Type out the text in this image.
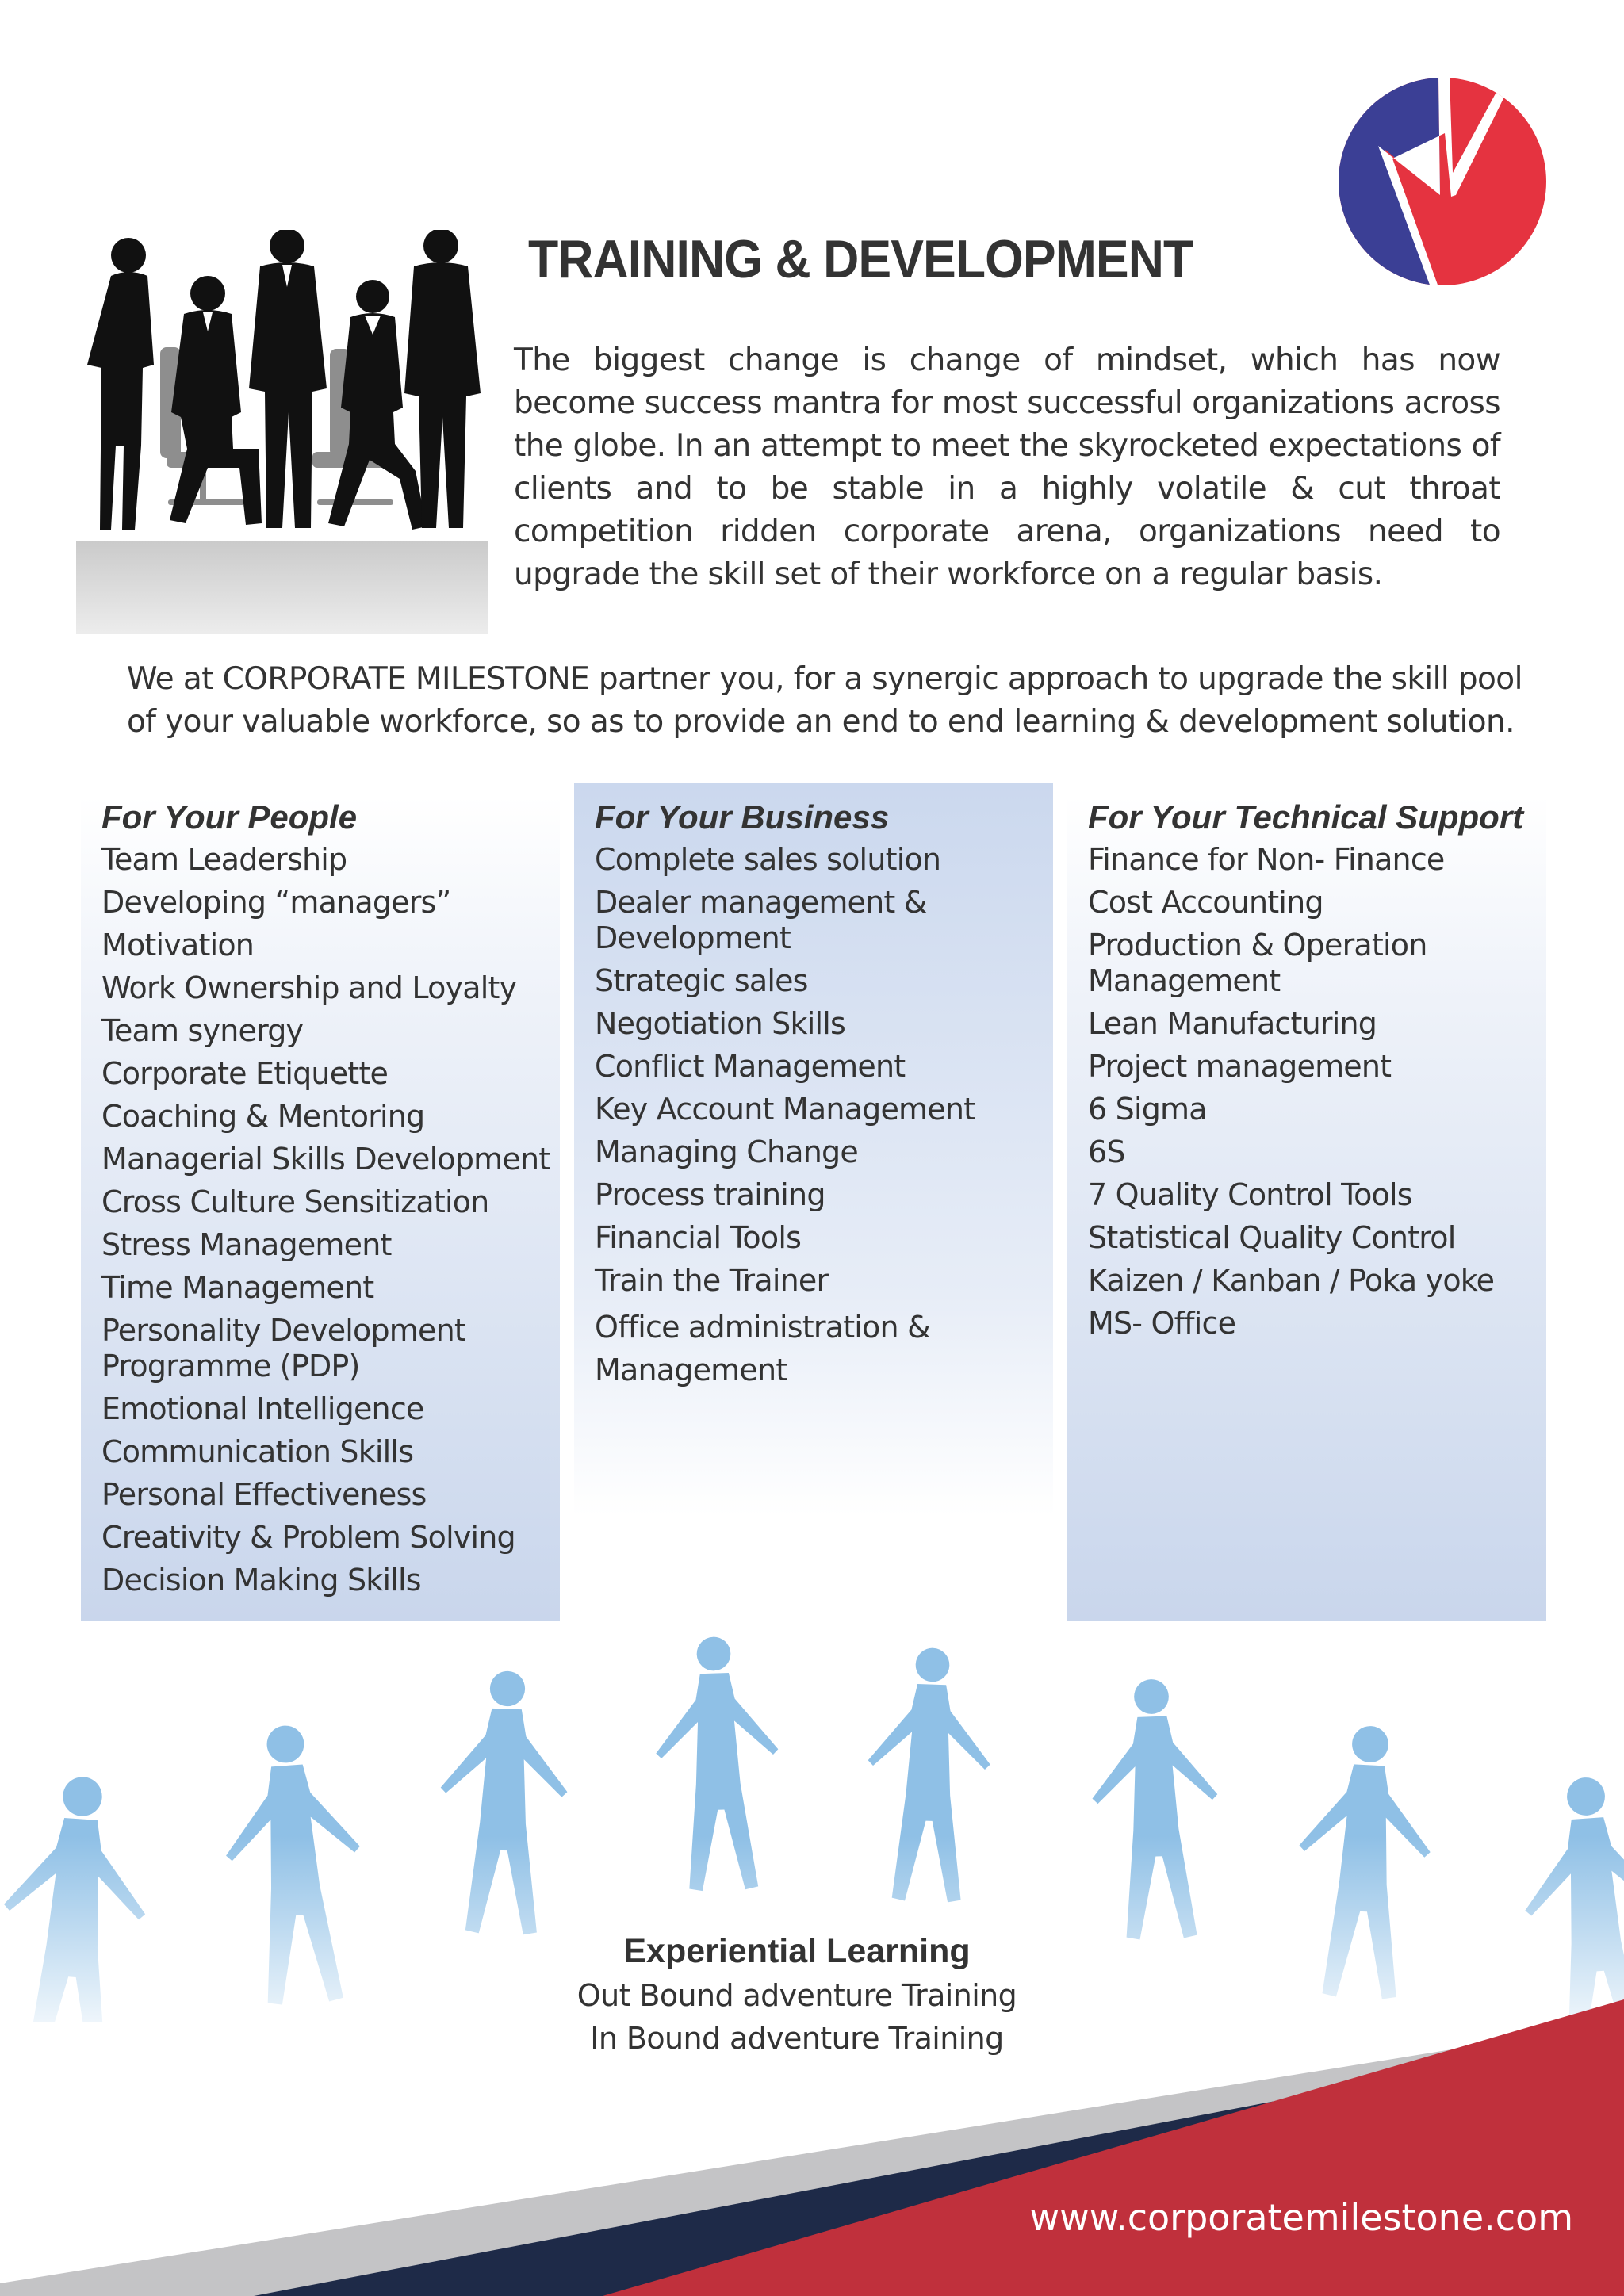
TRAINING & DEVELOPMENT

The biggest change is change of mindset, which has now become success mantra for most successful organizations across the globe. In an attempt to meet the skyrocketed expectations of clients and to be stable in a highly volatile & cut throat competition ridden corporate arena, organizations need to upgrade the skill set of their workforce on a regular basis.

We at CORPORATE MILESTONE partner you, for a synergic approach to upgrade the skill pool of your valuable workforce, so as to provide an end to end learning & development solution.

For Your People
Team Leadership
Developing “managers”
Motivation
Work Ownership and Loyalty
Team synergy
Corporate Etiquette
Coaching & Mentoring
Managerial Skills Development
Cross Culture Sensitization
Stress Management
Time Management
Personality Development Programme (PDP)
Emotional Intelligence
Communication Skills
Personal Effectiveness
Creativity & Problem Solving
Decision Making Skills
For Your Business
Complete sales solution
Dealer management & Development
Strategic sales
Negotiation Skills
Conflict Management
Key Account Management
Managing Change
Process training
Financial Tools
Train the Trainer
Office administration & Management
For Your Technical Support
Finance for Non- Finance
Cost Accounting
Production & Operation Management
Lean Manufacturing
Project management
6 Sigma
6S
7 Quality Control Tools
Statistical Quality Control
Kaizen / Kanban / Poka yoke
MS- Office
Experiential Learning
Out Bound adventure Training
In Bound adventure Training

www.corporatemilestone.com
